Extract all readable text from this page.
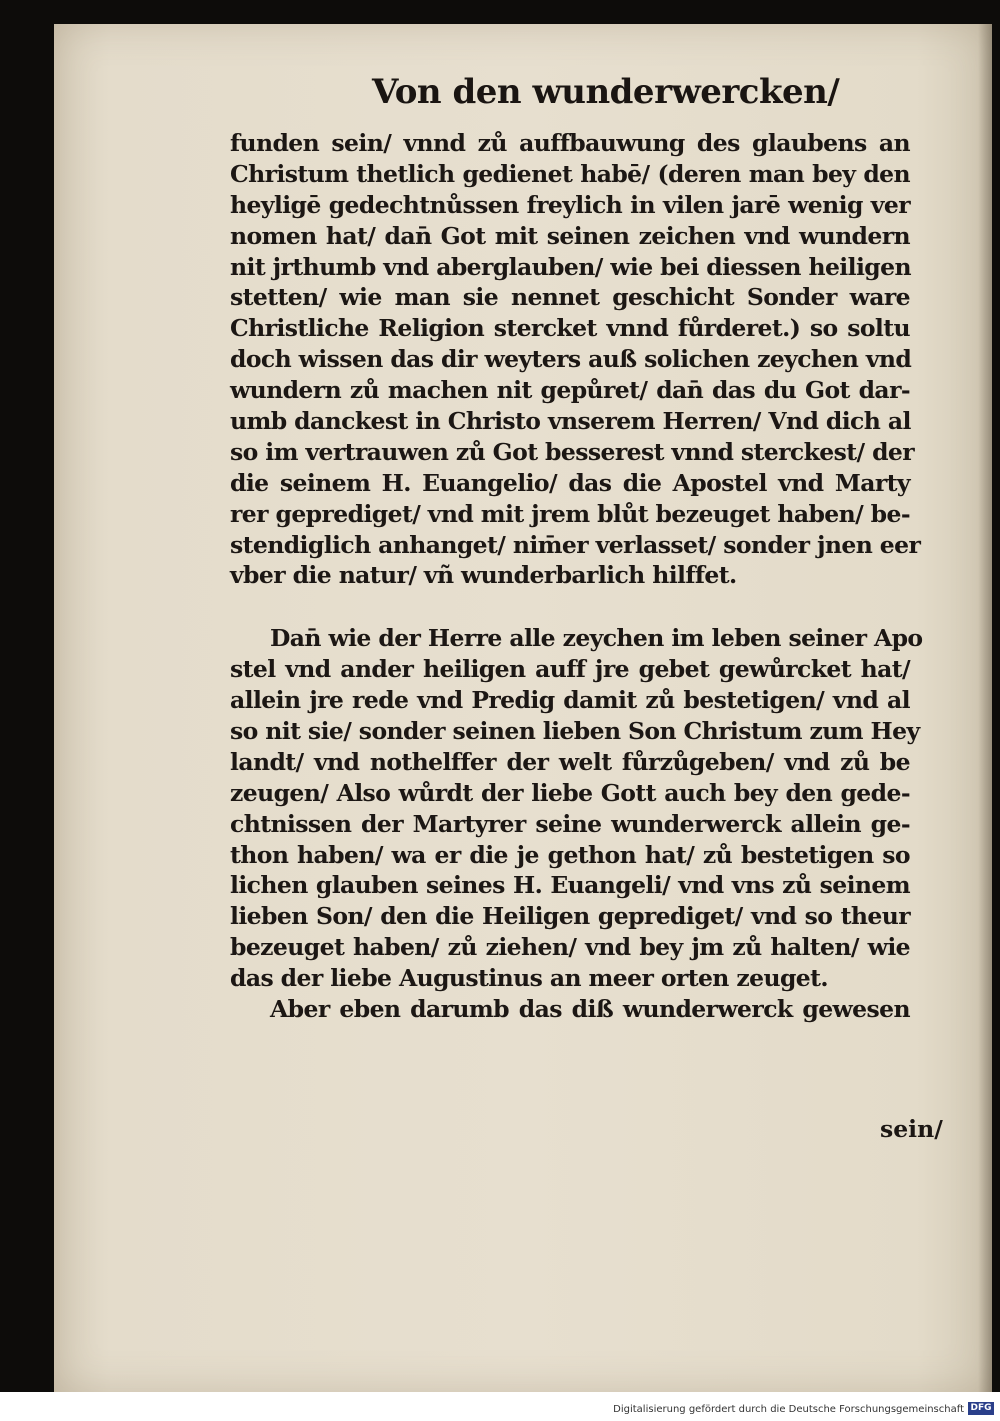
Von den wunderwercken/
funden sein/ vnnd zů auffbauwung des glaubens an
Christum thetlich gedienet habē/ (deren man bey den
heyligē gedechtnůssen freylich in vilen jarē wenig ver
nomen hat/ dan̄ Got mit seinen zeichen vnd wundern
nit jrthumb vnd aberglauben/ wie bei diessen heiligen
stetten/ wie man sie nennet geschicht Sonder ware
Christliche Religion stercket vnnd fůrderet.) so soltu
doch wissen das dir weyters auß solichen zeychen vnd
wundern zů machen nit gepůret/ dan̄ das du Got dar-
umb danckest in Christo vnserem Herren/ Vnd dich al
so im vertrauwen zů Got besserest vnnd sterckest/ der
die seinem H. Euangelio/ das die Apostel vnd Marty
rer geprediget/ vnd mit jrem blůt bezeuget haben/ be-
stendiglich anhanget/ nim̄er verlasset/ sonder jnen eer
vber die natur/ vñ wunderbarlich hilffet.
Dan̄ wie der Herre alle zeychen im leben seiner Apo
stel vnd ander heiligen auff jre gebet gewůrcket hat/
allein jre rede vnd Predig damit zů bestetigen/ vnd al
so nit sie/ sonder seinen lieben Son Christum zum Hey
landt/ vnd nothelffer der welt fůrzůgeben/ vnd zů be
zeugen/ Also wůrdt der liebe Gott auch bey den gede-
chtnissen der Martyrer seine wunderwerck allein ge-
thon haben/ wa er die je gethon hat/ zů bestetigen so
lichen glauben seines H. Euangeli/ vnd vns zů seinem
lieben Son/ den die Heiligen geprediget/ vnd so theur
bezeuget haben/ zů ziehen/ vnd bey jm zů halten/ wie
das der liebe Augustinus an meer orten zeuget.
Aber eben darumb das diß wunderwerck gewesen
sein/
Digitalisierung gefördert durch die Deutsche Forschungsgemeinschaft DFG
